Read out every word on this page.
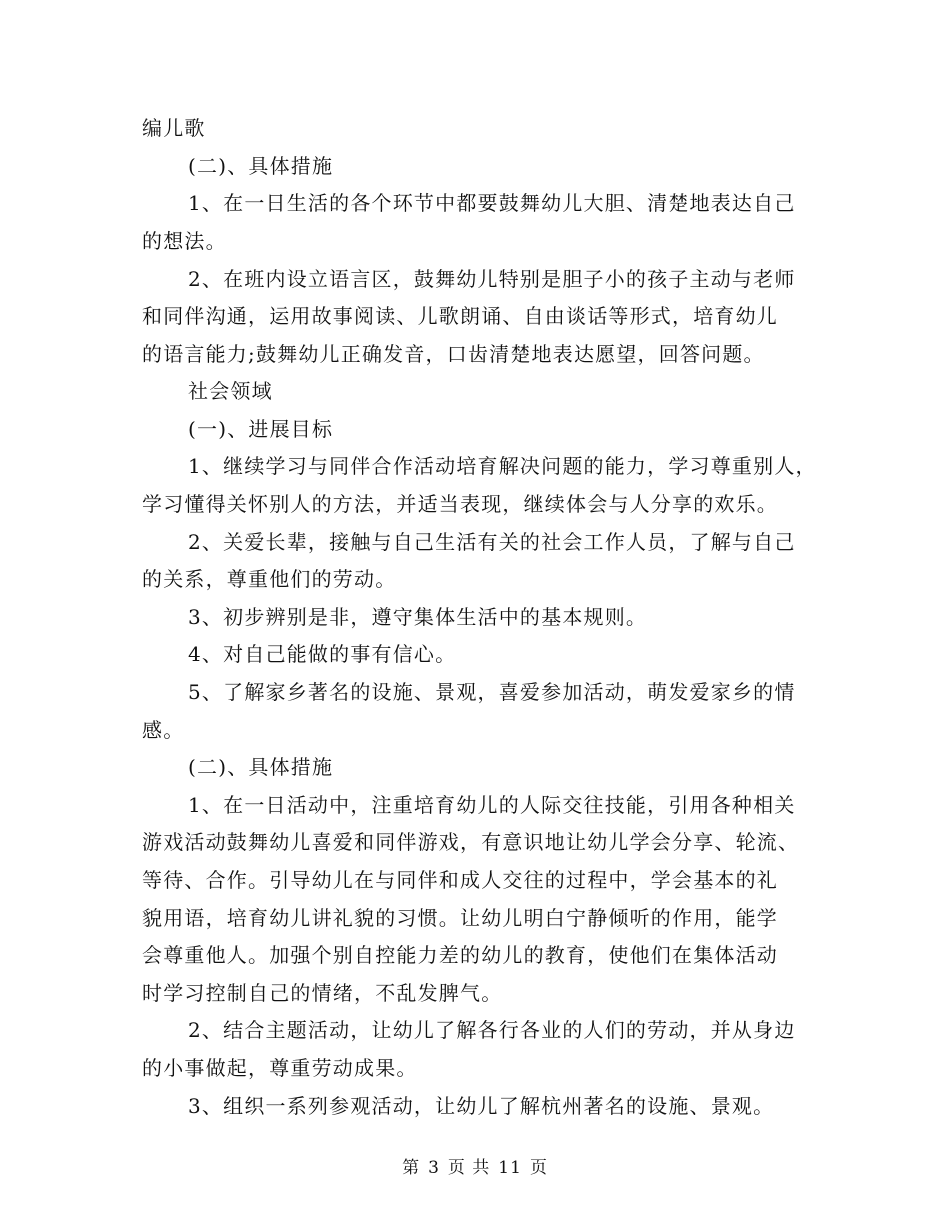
编儿歌
(二)、具体措施
1、在一日生活的各个环节中都要鼓舞幼儿大胆、清楚地表达自己
的想法。
2、在班内设立语言区，鼓舞幼儿特别是胆子小的孩子主动与老师
和同伴沟通，运用故事阅读、儿歌朗诵、自由谈话等形式，培育幼儿
的语言能力;鼓舞幼儿正确发音，口齿清楚地表达愿望，回答问题。
社会领域
(一)、进展目标
1、继续学习与同伴合作活动培育解决问题的能力，学习尊重别人，
学习懂得关怀别人的方法，并适当表现，继续体会与人分享的欢乐。
2、关爱长辈，接触与自己生活有关的社会工作人员，了解与自己
的关系，尊重他们的劳动。
3、初步辨别是非，遵守集体生活中的基本规则。
4、对自己能做的事有信心。
5、了解家乡著名的设施、景观，喜爱参加活动，萌发爱家乡的情
感。
(二)、具体措施
1、在一日活动中，注重培育幼儿的人际交往技能，引用各种相关
游戏活动鼓舞幼儿喜爱和同伴游戏，有意识地让幼儿学会分享、轮流、
等待、合作。引导幼儿在与同伴和成人交往的过程中，学会基本的礼
貌用语，培育幼儿讲礼貌的习惯。让幼儿明白宁静倾听的作用，能学
会尊重他人。加强个别自控能力差的幼儿的教育，使他们在集体活动
时学习控制自己的情绪，不乱发脾气。
2、结合主题活动，让幼儿了解各行各业的人们的劳动，并从身边
的小事做起，尊重劳动成果。
3、组织一系列参观活动，让幼儿了解杭州著名的设施、景观。
第 3 页 共 11 页
